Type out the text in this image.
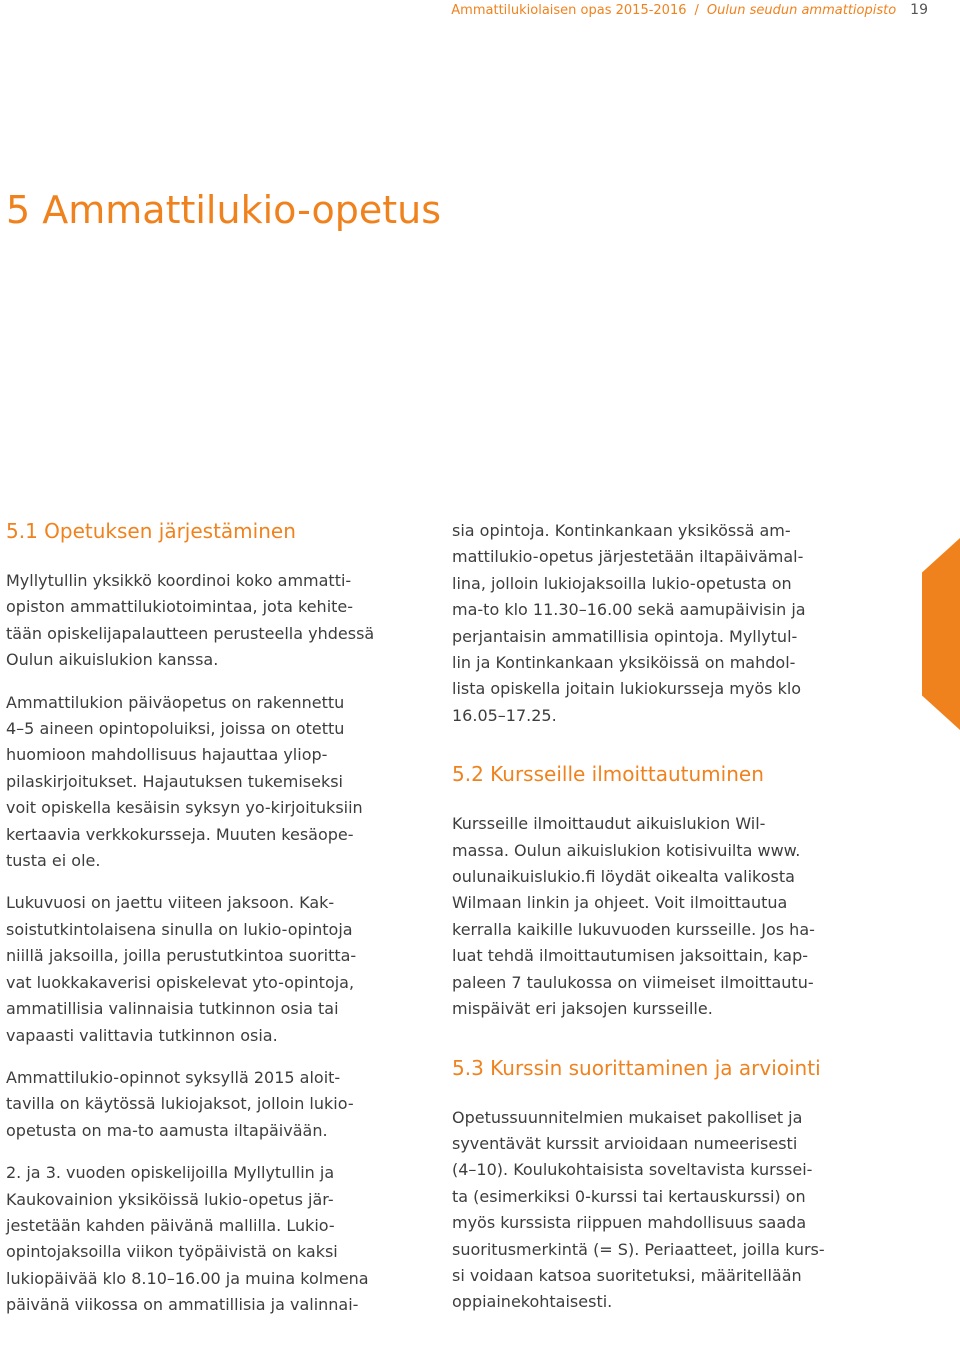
Ammattilukiolaisen opas 2015-2016 / Oulun seudun ammattiopisto 19
5 Ammattilukio-opetus
5.1 Opetuksen järjestäminen

Myllytullin yksikkö koordinoi koko ammatti-
opiston ammattilukiotoimintaa, jota kehite-
tään opiskelijapalautteen perusteella yhdessä
Oulun aikuislukion kanssa.

Ammattilukion päiväopetus on rakennettu
4–5 aineen opintopoluiksi, joissa on otettu
huomioon mahdollisuus hajauttaa yliop-
pilaskirjoitukset. Hajautuksen tukemiseksi
voit opiskella kesäisin syksyn yo-kirjoituksiin
kertaavia verkkokursseja. Muuten kesäope-
tusta ei ole.

Lukuvuosi on jaettu viiteen jaksoon. Kak-
soistutkintolaisena sinulla on lukio-opintoja
niillä jaksoilla, joilla perustutkintoa suoritta-
vat luokkakaverisi opiskelevat yto-opintoja,
ammatillisia valinnaisia tutkinnon osia tai
vapaasti valittavia tutkinnon osia.

Ammattilukio-opinnot syksyllä 2015 aloit-
tavilla on käytössä lukiojaksot, jolloin lukio-
opetusta on ma-to aamusta iltapäivään.

2. ja 3. vuoden opiskelijoilla Myllytullin ja
Kaukovainion yksiköissä lukio-opetus jär-
jestetään kahden päivänä mallilla. Lukio-
opintojaksoilla viikon työpäivistä on kaksi
lukiopäivää klo 8.10–16.00 ja muina kolmena
päivänä viikossa on ammatillisia ja valinnai-

sia opintoja. Kontinkankaan yksikössä am-
mattilukio-opetus järjestetään iltapäivämal-
lina, jolloin lukiojaksoilla lukio-opetusta on
ma-to klo 11.30–16.00 sekä aamupäivisin ja
perjantaisin ammatillisia opintoja. Myllytul-
lin ja Kontinkankaan yksiköissä on mahdol-
lista opiskella joitain lukiokursseja myös klo
16.05–17.25.

5.2 Kursseille ilmoittautuminen

Kursseille ilmoittaudut aikuislukion Wil-
massa. Oulun aikuislukion kotisivuilta www.
oulunaikuislukio.fi löydät oikealta valikosta
Wilmaan linkin ja ohjeet. Voit ilmoittautua
kerralla kaikille lukuvuoden kursseille. Jos ha-
luat tehdä ilmoittautumisen jaksoittain, kap-
paleen 7 taulukossa on viimeiset ilmoittautu-
mispäivät eri jaksojen kursseille.

5.3 Kurssin suorittaminen ja arviointi

Opetussuunnitelmien mukaiset pakolliset ja
syventävät kurssit arvioidaan numeerisesti
(4–10). Koulukohtaisista soveltavista kurssei-
ta (esimerkiksi 0-kurssi tai kertauskurssi) on
myös kurssista riippuen mahdollisuus saada
suoritusmerkintä (= S). Periaatteet, joilla kurs-
si voidaan katsoa suoritetuksi, määritellään
oppiainekohtaisesti.
